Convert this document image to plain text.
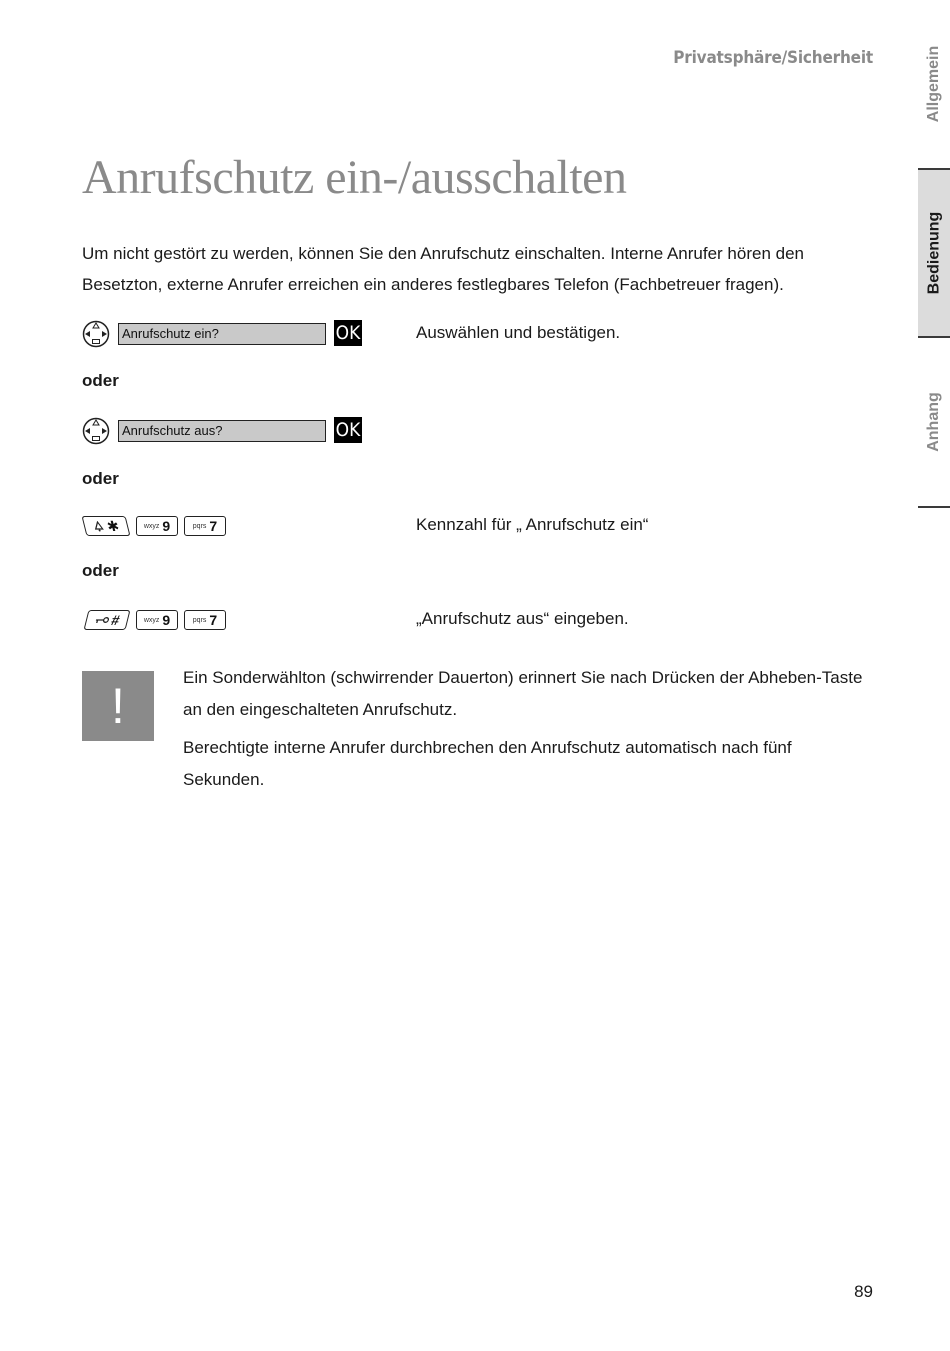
Privatsphäre/Sicherheit	Allgemein
Bedienung
Anhang
Anrufschutz ein-/ausschalten

Um nicht gestört zu werden, können Sie den Anrufschutz einschalten. Interne Anrufer hören den Besetzton, externe Anrufer erreichen ein anderes festlegbares Telefon (Fachbetreuer fragen).

Anrufschutz ein?	OK	Auswählen und bestätigen.
oder
Anrufschutz aus?	OK
oder
✱	wxyz 9	pqrs 7	Kennzahl für „ Anrufschutz ein“
oder
#	wxyz 9	pqrs 7	„Anrufschutz aus“ eingeben.
!

Ein Sonderwählton (schwirrender Dauerton) erinnert Sie nach Drücken der Abheben-Taste an den eingeschalteten Anrufschutz.

Berechtigte interne Anrufer durchbrechen den Anrufschutz automatisch nach fünf Sekunden.

89
